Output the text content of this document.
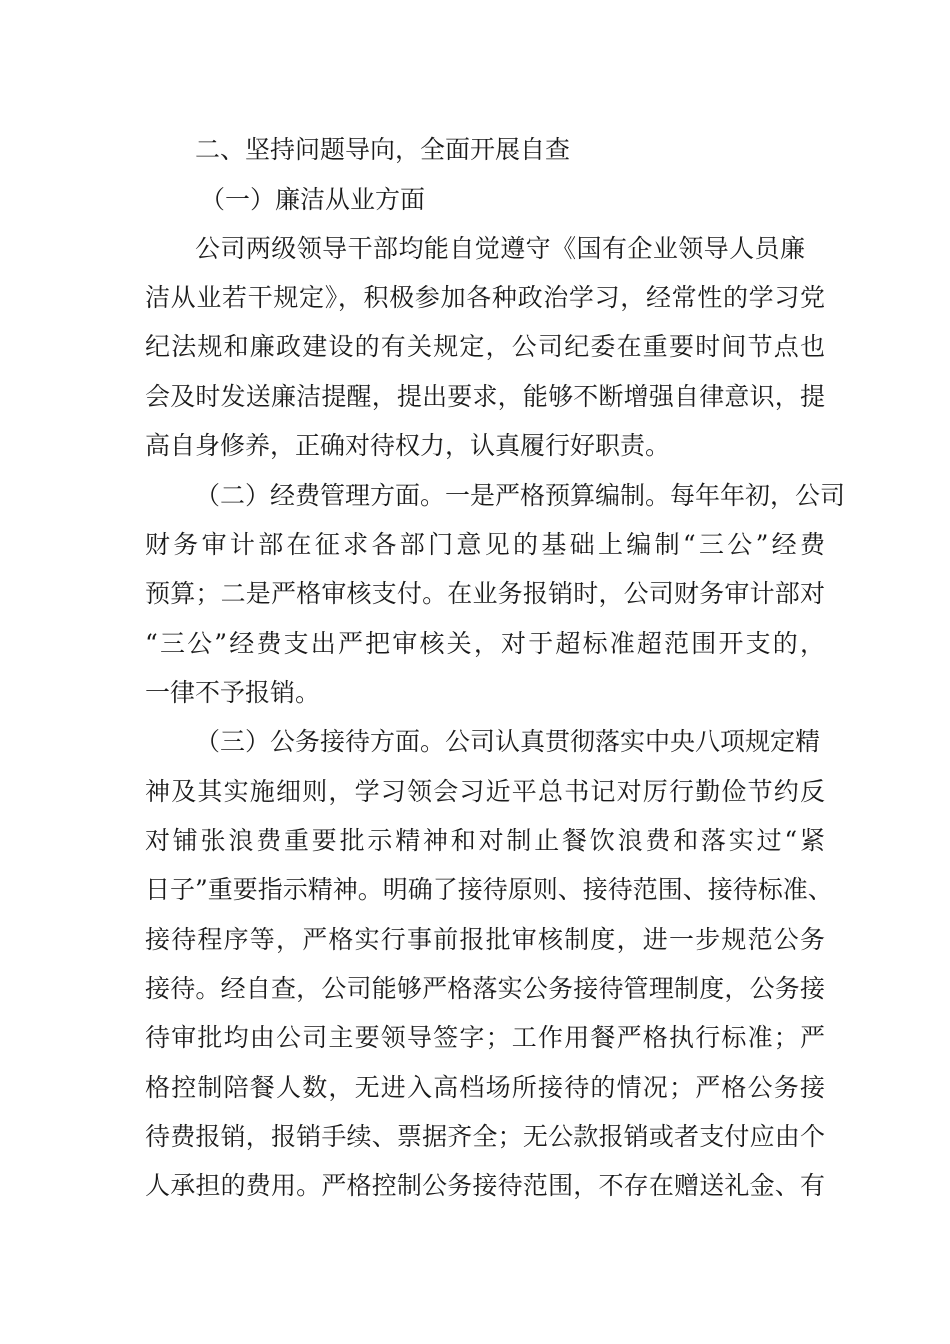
二、坚持问题导向，全面开展自查
（一）廉洁从业方面
公司两级领导干部均能自觉遵守《国有企业领导人员廉
洁从业若干规定》，积极参加各种政治学习，经常性的学习党
纪法规和廉政建设的有关规定，公司纪委在重要时间节点也
会及时发送廉洁提醒，提出要求，能够不断增强自律意识，提
高自身修养，正确对待权力，认真履行好职责。
（二）经费管理方面。一是严格预算编制。每年年初，公司
财务审计部在征求各部门意见的基础上编制“三公”经费
预算；二是严格审核支付。在业务报销时，公司财务审计部对
“三公”经费支出严把审核关，对于超标准超范围开支的，
一律不予报销。
（三）公务接待方面。公司认真贯彻落实中央八项规定精
神及其实施细则，学习领会习近平总书记对厉行勤俭节约反
对铺张浪费重要批示精神和对制止餐饮浪费和落实过“紧
日子”重要指示精神。明确了接待原则、接待范围、接待标准、
接待程序等，严格实行事前报批审核制度，进一步规范公务
接待。经自查，公司能够严格落实公务接待管理制度，公务接
待审批均由公司主要领导签字；工作用餐严格执行标准；严
格控制陪餐人数，无进入高档场所接待的情况；严格公务接
待费报销，报销手续、票据齐全；无公款报销或者支付应由个
人承担的费用。严格控制公务接待范围，不存在赠送礼金、有
